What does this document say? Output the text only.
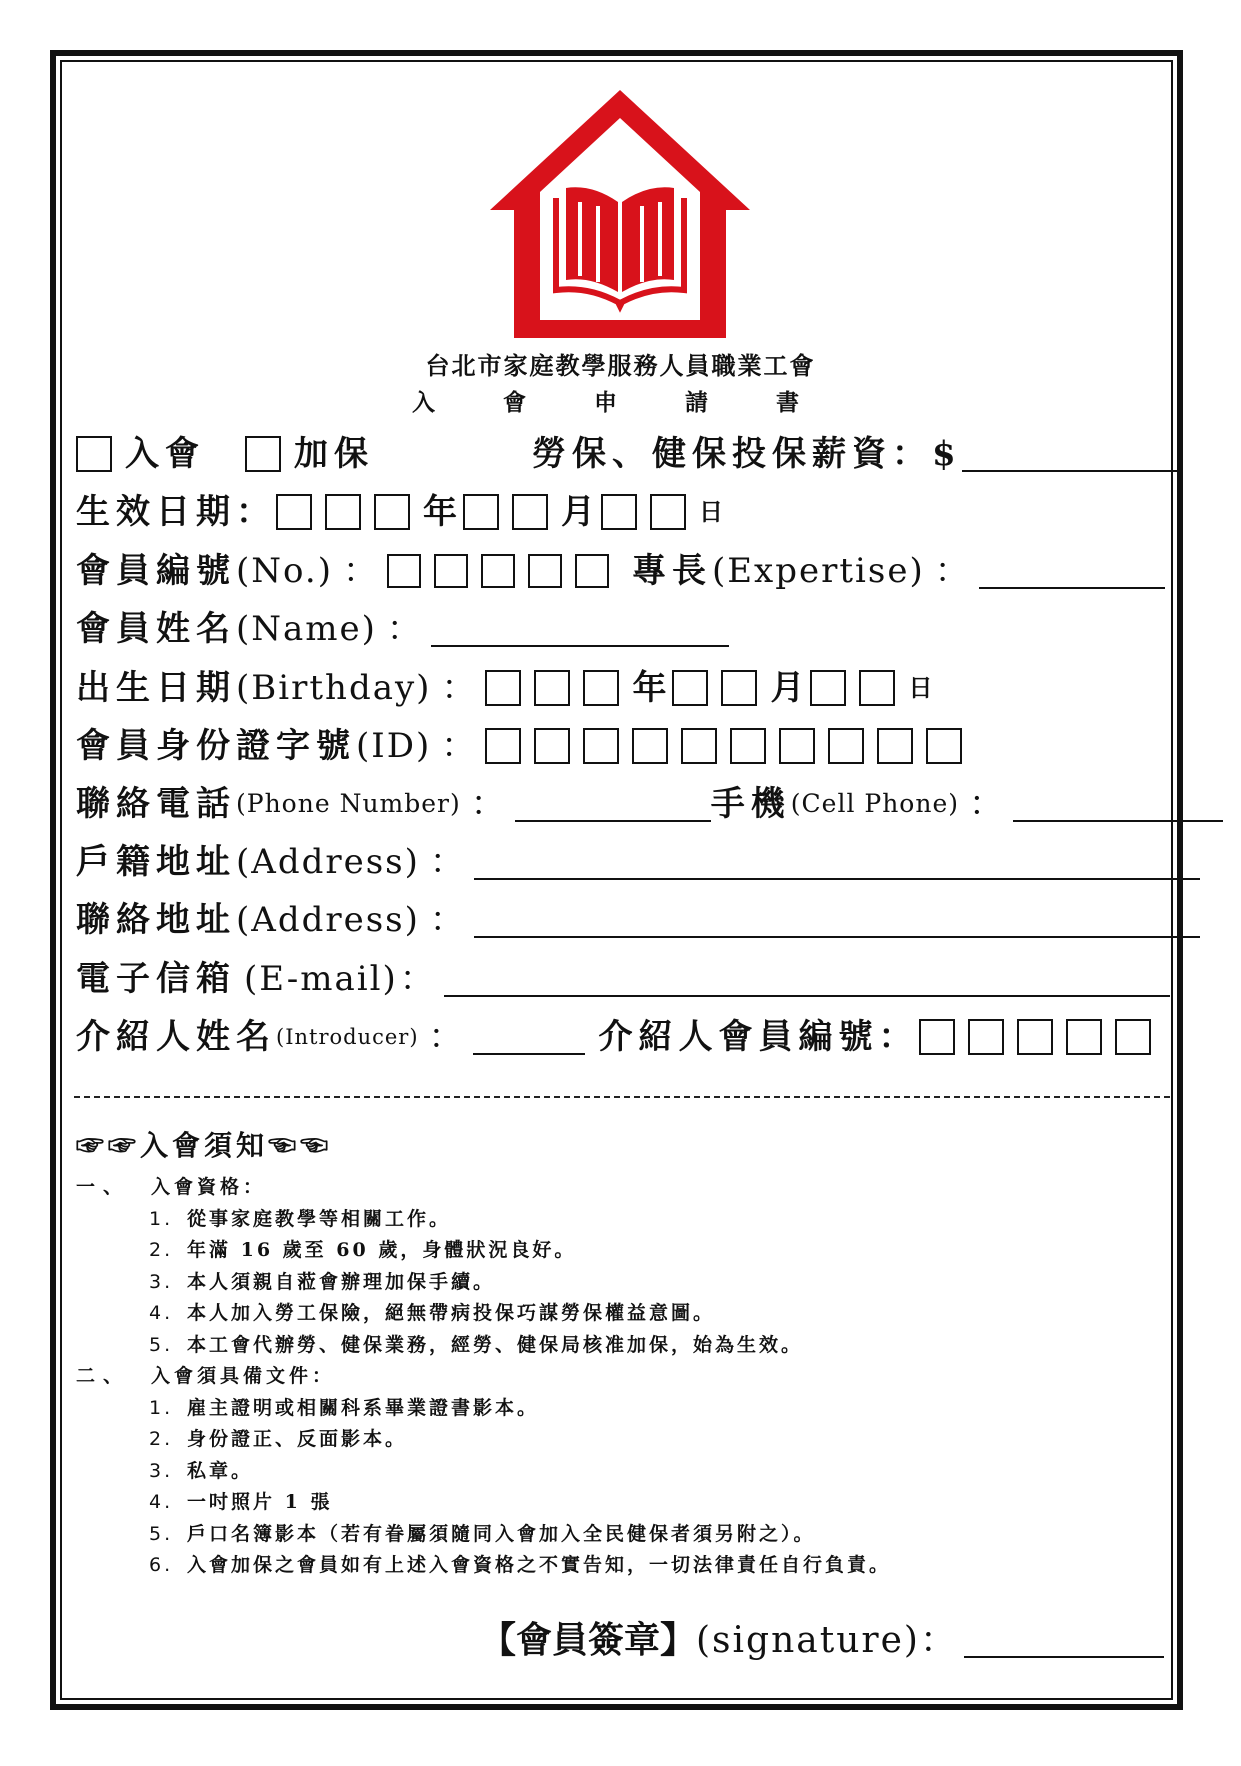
台北市家庭教學服務人員職業工會
入 會 申 請 書
入會	加保	勞保、健保投保薪資：$
生效日期：	年	月	日
會員編號 (No.) ：	專長 (Expertise) ：
會員姓名 (Name) ：
出生日期 (Birthday) ：	年	月	日
會員身份證字號 (ID) ：
聯絡電話 (Phone Number) ：	手機 (Cell Phone) ：
戶籍地址 (Address) ：
聯絡地址 (Address) ：
電子信箱 (E-mail) ：
介紹人姓名 (Introducer) ：	介紹人會員編號：
☞☞入會須知☜☜
一、	入會資格：
1. 從事家庭教學等相關工作。
2. 年滿 16 歲至 60 歲，身體狀況良好。
3. 本人須親自蒞會辦理加保手續。
4. 本人加入勞工保險，絕無帶病投保巧謀勞保權益意圖。
5. 本工會代辦勞、健保業務，經勞、健保局核准加保，始為生效。
二、	入會須具備文件：
1. 雇主證明或相關科系畢業證書影本。
2. 身份證正、反面影本。
3. 私章。
4. 一吋照片 1 張
5. 戶口名簿影本（若有眷屬須隨同入會加入全民健保者須另附之）。
6. 入會加保之會員如有上述入會資格之不實告知，一切法律責任自行負責。
【會員簽章】 (signature)：
